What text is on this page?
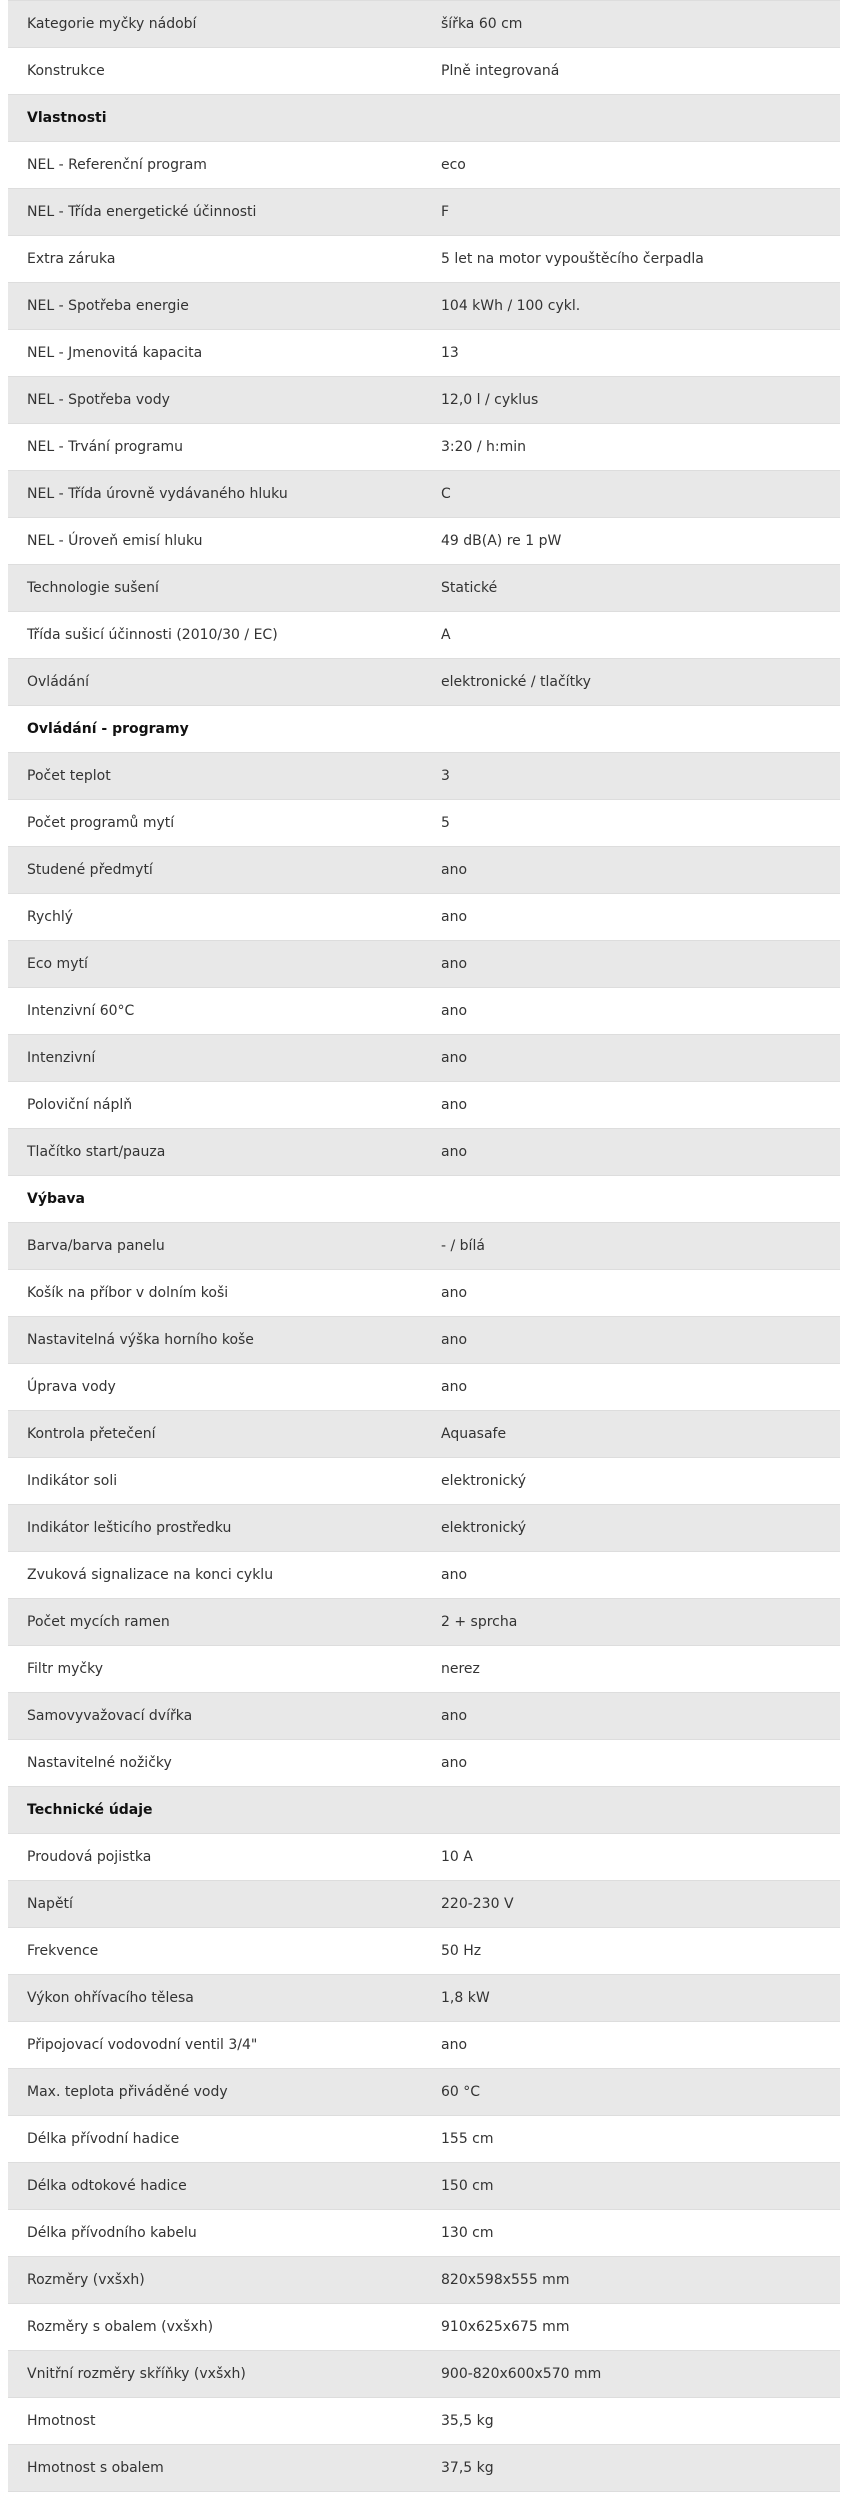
Kategorie myčky nádobí	šířka 60 cm
Konstrukce	Plně integrovaná
Vlastnosti	
NEL - Referenční program	eco
NEL - Třída energetické účinnosti	F
Extra záruka	5 let na motor vypouštěcího čerpadla
NEL - Spotřeba energie	104 kWh / 100 cykl.
NEL - Jmenovitá kapacita	13
NEL - Spotřeba vody	12,0 l / cyklus
NEL - Trvání programu	3:20 / h:min
NEL - Třída úrovně vydávaného hluku	C
NEL - Úroveň emisí hluku	49 dB(A) re 1 pW
Technologie sušení	Statické
Třída sušicí účinnosti (2010/30 / EC)	A
Ovládání	elektronické / tlačítky
Ovládání - programy	
Počet teplot	3
Počet programů mytí	5
Studené předmytí	ano
Rychlý	ano
Eco mytí	ano
Intenzivní 60°C	ano
Intenzivní	ano
Poloviční náplň	ano
Tlačítko start/pauza	ano
Výbava	
Barva/barva panelu	- / bílá
Košík na příbor v dolním koši	ano
Nastavitelná výška horního koše	ano
Úprava vody	ano
Kontrola přetečení	Aquasafe
Indikátor soli	elektronický
Indikátor lešticího prostředku	elektronický
Zvuková signalizace na konci cyklu	ano
Počet mycích ramen	2 + sprcha
Filtr myčky	nerez
Samovyvažovací dvířka	ano
Nastavitelné nožičky	ano
Technické údaje	
Proudová pojistka	10 A
Napětí	220-230 V
Frekvence	50 Hz
Výkon ohřívacího tělesa	1,8 kW
Připojovací vodovodní ventil 3/4"	ano
Max. teplota přiváděné vody	60 °C
Délka přívodní hadice	155 cm
Délka odtokové hadice	150 cm
Délka přívodního kabelu	130 cm
Rozměry (vxšxh)	820x598x555 mm
Rozměry s obalem (vxšxh)	910x625x675 mm
Vnitřní rozměry skříňky (vxšxh)	900-820x600x570 mm
Hmotnost	35,5 kg
Hmotnost s obalem	37,5 kg
